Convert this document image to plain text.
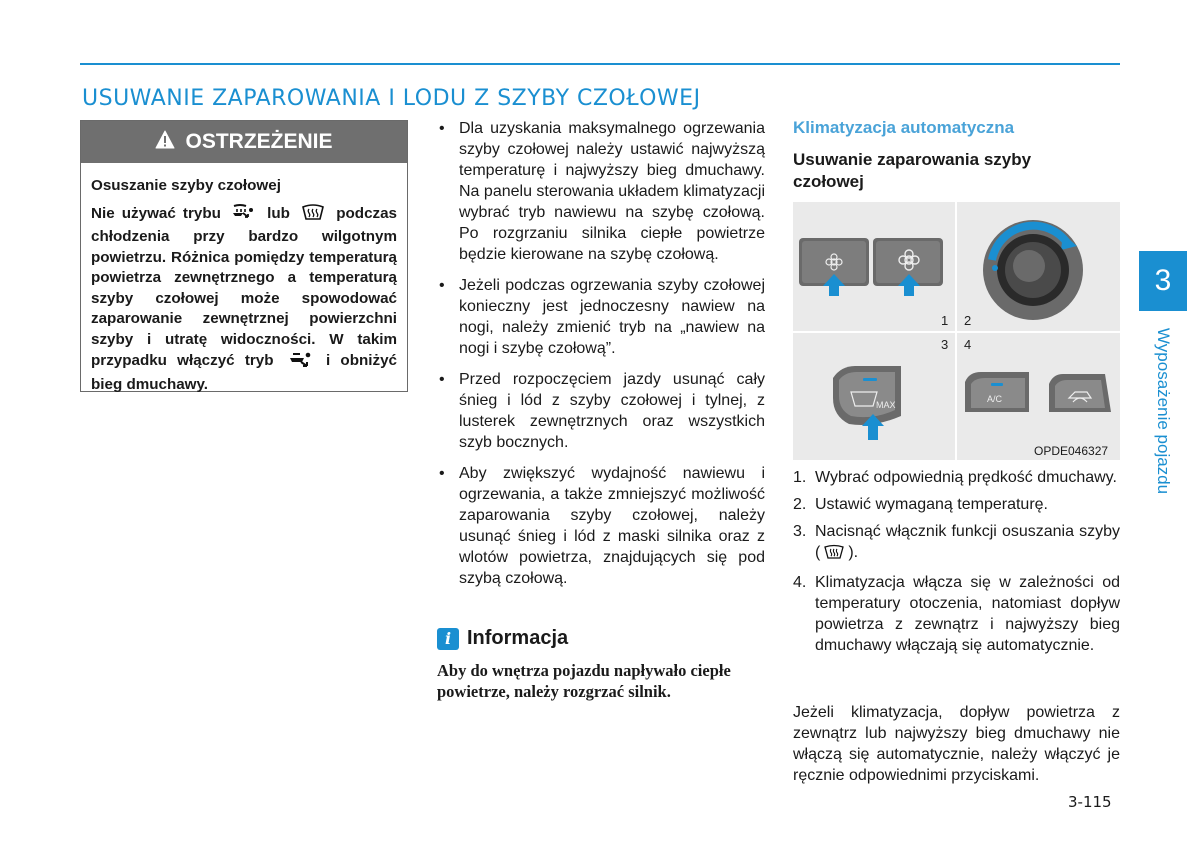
USUWANIE ZAPAROWANIA I LODU Z SZYBY CZOŁOWEJ
OSTRZEŻENIE
Osuszanie szyby czołowej
Nie używać trybu	lub	podczas chłodzenia przy bardzo wilgotnym powietrzu. Różnica pomiędzy temperaturą powietrza zewnętrznego a temperaturą szyby czołowej może spowodować zaparowanie zewnętrznej powierzchni szyby i utratę widoczności. W takim przypadku włączyć tryb	i obniżyć bieg dmuchawy.
• Dla uzyskania maksymalnego ogrzewania szyby czołowej należy ustawić najwyższą temperaturę i najwyższy bieg dmuchawy. Na panelu sterowania układem klimatyzacji wybrać tryb nawiewu na szybę czołową. Po rozgrzaniu silnika ciepłe powietrze będzie kierowane na szybę czołową.
• Jeżeli podczas ogrzewania szyby czołowej konieczny jest jednoczesny nawiew na nogi, należy zmienić tryb na „nawiew na nogi i szybę czołową”.
• Przed rozpoczęciem jazdy usunąć cały śnieg i lód z szyby czołowej i tylnej, z lusterek zewnętrznych oraz wszystkich szyb bocznych.
• Aby zwiększyć wydajność nawiewu i ogrzewania, a także zmniejszyć możliwość zaparowania szyby czołowej, należy usunąć śnieg i lód z maski silnika oraz z wlotów powietrza, znajdujących się pod szybą czołową.
i Informacja
Aby do wnętrza pojazdu napływało ciepłe powietrze, należy rozgrzać silnik.
Klimatyzacja automatyczna
Usuwanie zaparowania szyby czołowej
1 2
3 4
MAX
A/C
OPDE046327
1. Wybrać odpowiednią prędkość dmuchawy.
2. Ustawić wymaganą temperaturę.
3. Nacisnąć włącznik funkcji osuszania szyby ( ).
4. Klimatyzacja włącza się w zależności od temperatury otoczenia, natomiast dopływ powietrza z zewnątrz i najwyższy bieg dmuchawy włączają się automatycznie.
Jeżeli klimatyzacja, dopływ powietrza z zewnątrz lub najwyższy bieg dmuchawy nie włączą się automatycznie, należy włączyć je ręcznie odpowiednimi przyciskami.
3-115
3
Wyposażenie pojazdu
